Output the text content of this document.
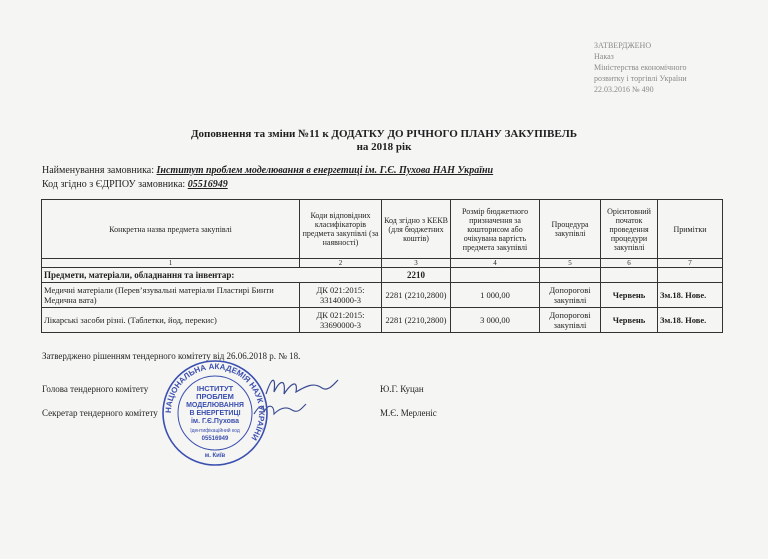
ЗАТВЕРДЖЕНО
Наказ
Міністерства економічного
розвитку і торгівлі України
22.03.2016 № 490
Доповнення та зміни №11 к ДОДАТКУ ДО РІЧНОГО ПЛАНУ ЗАКУПІВЕЛЬ
на 2018 рік
Найменування замовника: Інститут проблем моделювання в енергетиці ім. Г.Є. Пухова НАН України
Код згідно з ЄДРПОУ замовника: 05516949
Конкретна назва предмета закупівлі	Коди відповідних класифікаторів предмета закупівлі (за наявності)	Код згідно з КЕКВ (для бюджетних коштів)	Розмір бюджетного призначення за кошторисом або очікувана вартість предмета закупівлі	Процедура закупівлі	Орієнтовний початок проведення процедури закупівлі	Примітки
1	2	3	4	5	6	7
Предмети, матеріали, обладнання та інвентар:		2210				
Медичні матеріали (Перев’язувальні матеріали Пластирі Бинти Медична вата)	ДК 021:2015: 33140000-3	2281 (2210,2800)	1 000,00	Допорогові закупівлі	Червень	Зм.18. Нове.
Лікарські засоби різні. (Таблетки, йод, перекис)	ДК 021:2015: 33690000-3	2281 (2210,2800)	3 000,00	Допорогові закупівлі	Червень	Зм.18. Нове.
Затверджено рішенням тендерного комітету від 26.06.2018 р. № 18.
Голова тендерного комітету
Секретар тендерного комітету
Ю.Г. Куцан
М.Є. Мерленіс
НАЦІОНАЛЬНА АКАДЕМІЯ НАУК УКРАЇНИ
ІНСТИТУТ
ПРОБЛЕМ
МОДЕЛЮВАННЯ
В ЕНЕРГЕТИЦІ
ім. Г.Є.Пухова
Ідентифікаційний код
05516949
м. Київ
